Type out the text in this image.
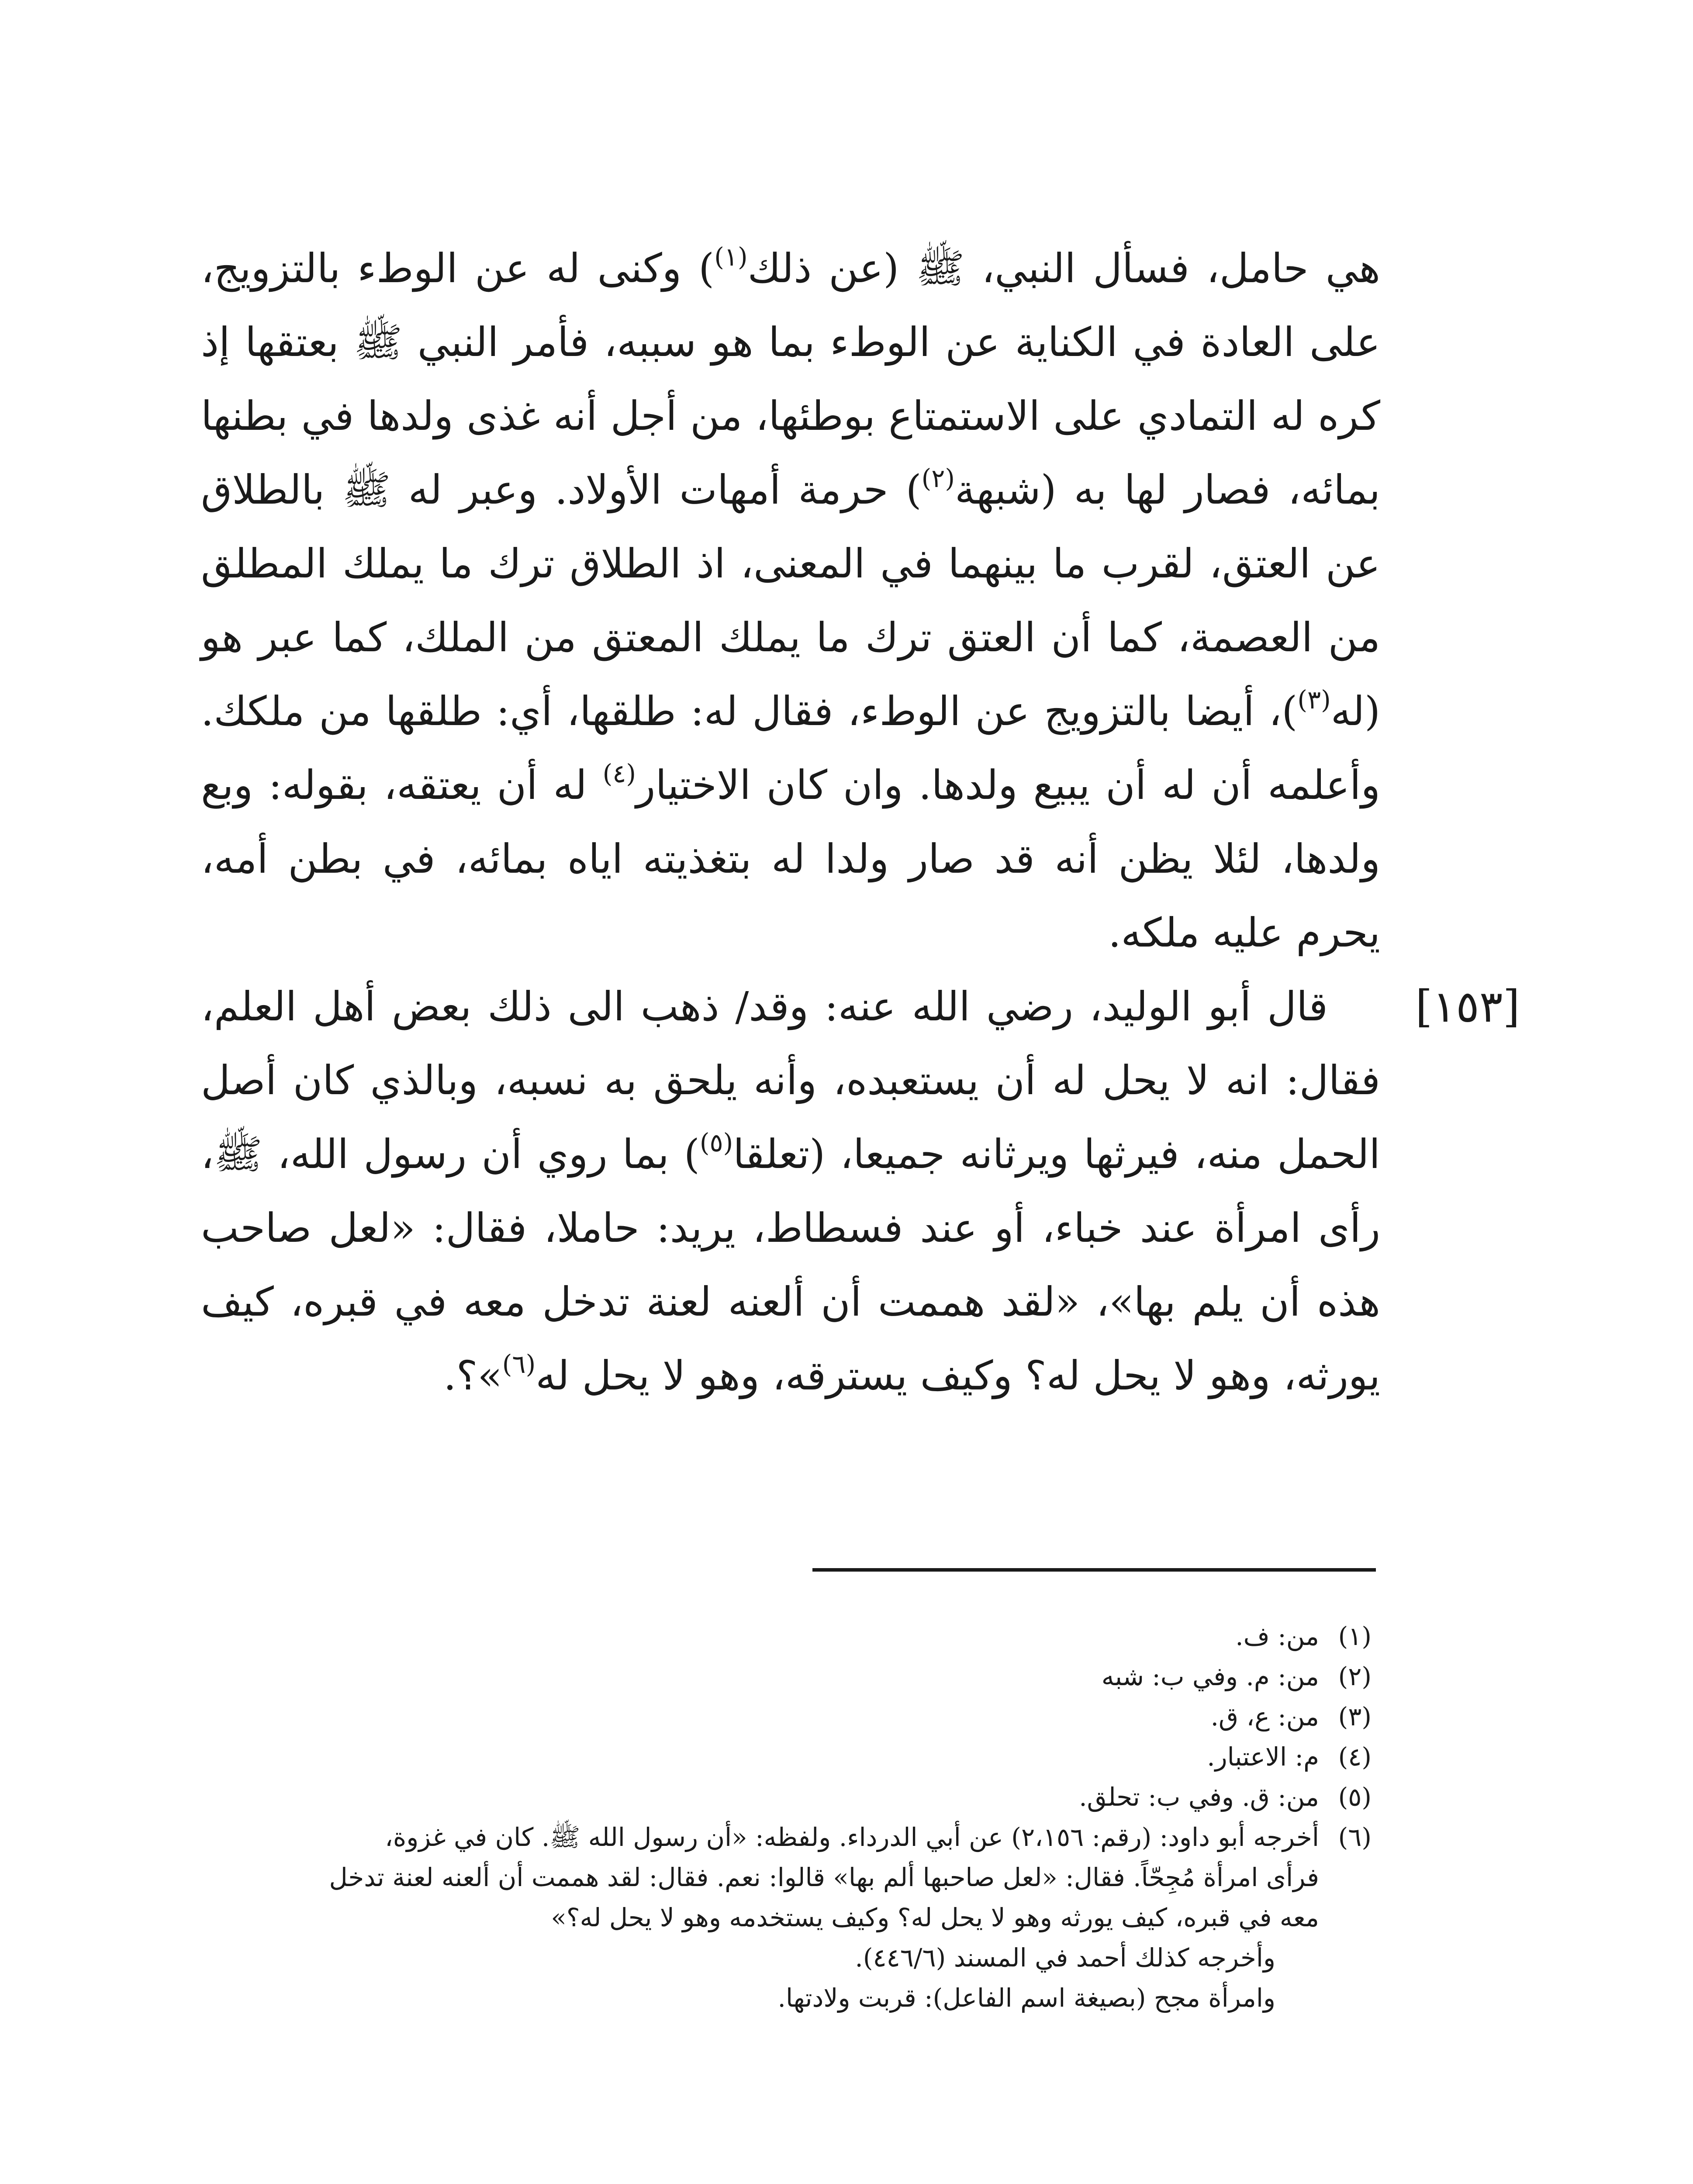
هي حامل، فسأل النبي، ﷺ (عن ذلك$^{(١)}$) وكنى له عن الوطء بالتزويج، على العادة في الكناية عن الوطء بما هو سببه، فأمر النبي ﷺ بعتقها إذ كره له التمادي على الاستمتاع بوطئها، من أجل أنه غذى ولدها في بطنها بمائه، فصار لها به (شبهة$^{(٢)}$) حرمة أمهات الأولاد. وعبر له ﷺ بالطلاق عن العتق، لقرب ما بينهما في المعنى، اذ الطلاق ترك ما يملك المطلق من العصمة، كما أن العتق ترك ما يملك المعتق من الملك، كما عبر هو (له$^{(٣)}$)، أيضا بالتزويج عن الوطء، فقال له: طلقها، أي: طلقها من ملكك. وأعلمه أن له أن يبيع ولدها. وان كان الاختيار$^{(٤)}$ له أن يعتقه، بقوله: وبع ولدها، لئلا يظن أنه قد صار ولدا له بتغذيته اياه بمائه، في بطن أمه، يحرم عليه ملكه.

قال أبو الوليد، رضي الله عنه: وقد/ ذهب الى ذلك بعض أهل العلم، فقال: انه لا يحل له أن يستعبده، وأنه يلحق به نسبه، وبالذي كان أصل الحمل منه، فيرثها ويرثانه جميعا، (تعلقا$^{(٥)}$) بما روي أن رسول الله، ﷺ، رأى امرأة عند خباء، أو عند فسطاط، يريد: حاملا، فقال: «لعل صاحب هذه أن يلم بها»، «لقد هممت أن ألعنه لعنة تدخل معه في قبره، كيف يورثه، وهو لا يحل له؟ وكيف يسترقه، وهو لا يحل له$^{(٦)}$»؟.

[١٥٣]
(١)
من: ف.
(٢)
من: م. وفي ب: شبه
(٣)
من: ع، ق.
(٤)
م: الاعتبار.
(٥)
من: ق. وفي ب: تحلق.
(٦)
أخرجه أبو داود: (رقم: ٢،١٥٦) عن أبي الدرداء. ولفظه: «أن رسول الله ﷺ. كان في غزوة،
فرأى امرأة مُجِحّاً. فقال: «لعل صاحبها ألم بها» قالوا: نعم. فقال: لقد هممت أن ألعنه لعنة تدخل
معه في قبره، كيف يورثه وهو لا يحل له؟ وكيف يستخدمه وهو لا يحل له؟»
وأخرجه كذلك أحمد في المسند (٤٤٦/٦).
وامرأة مجح (بصيغة اسم الفاعل): قربت ولادتها.
